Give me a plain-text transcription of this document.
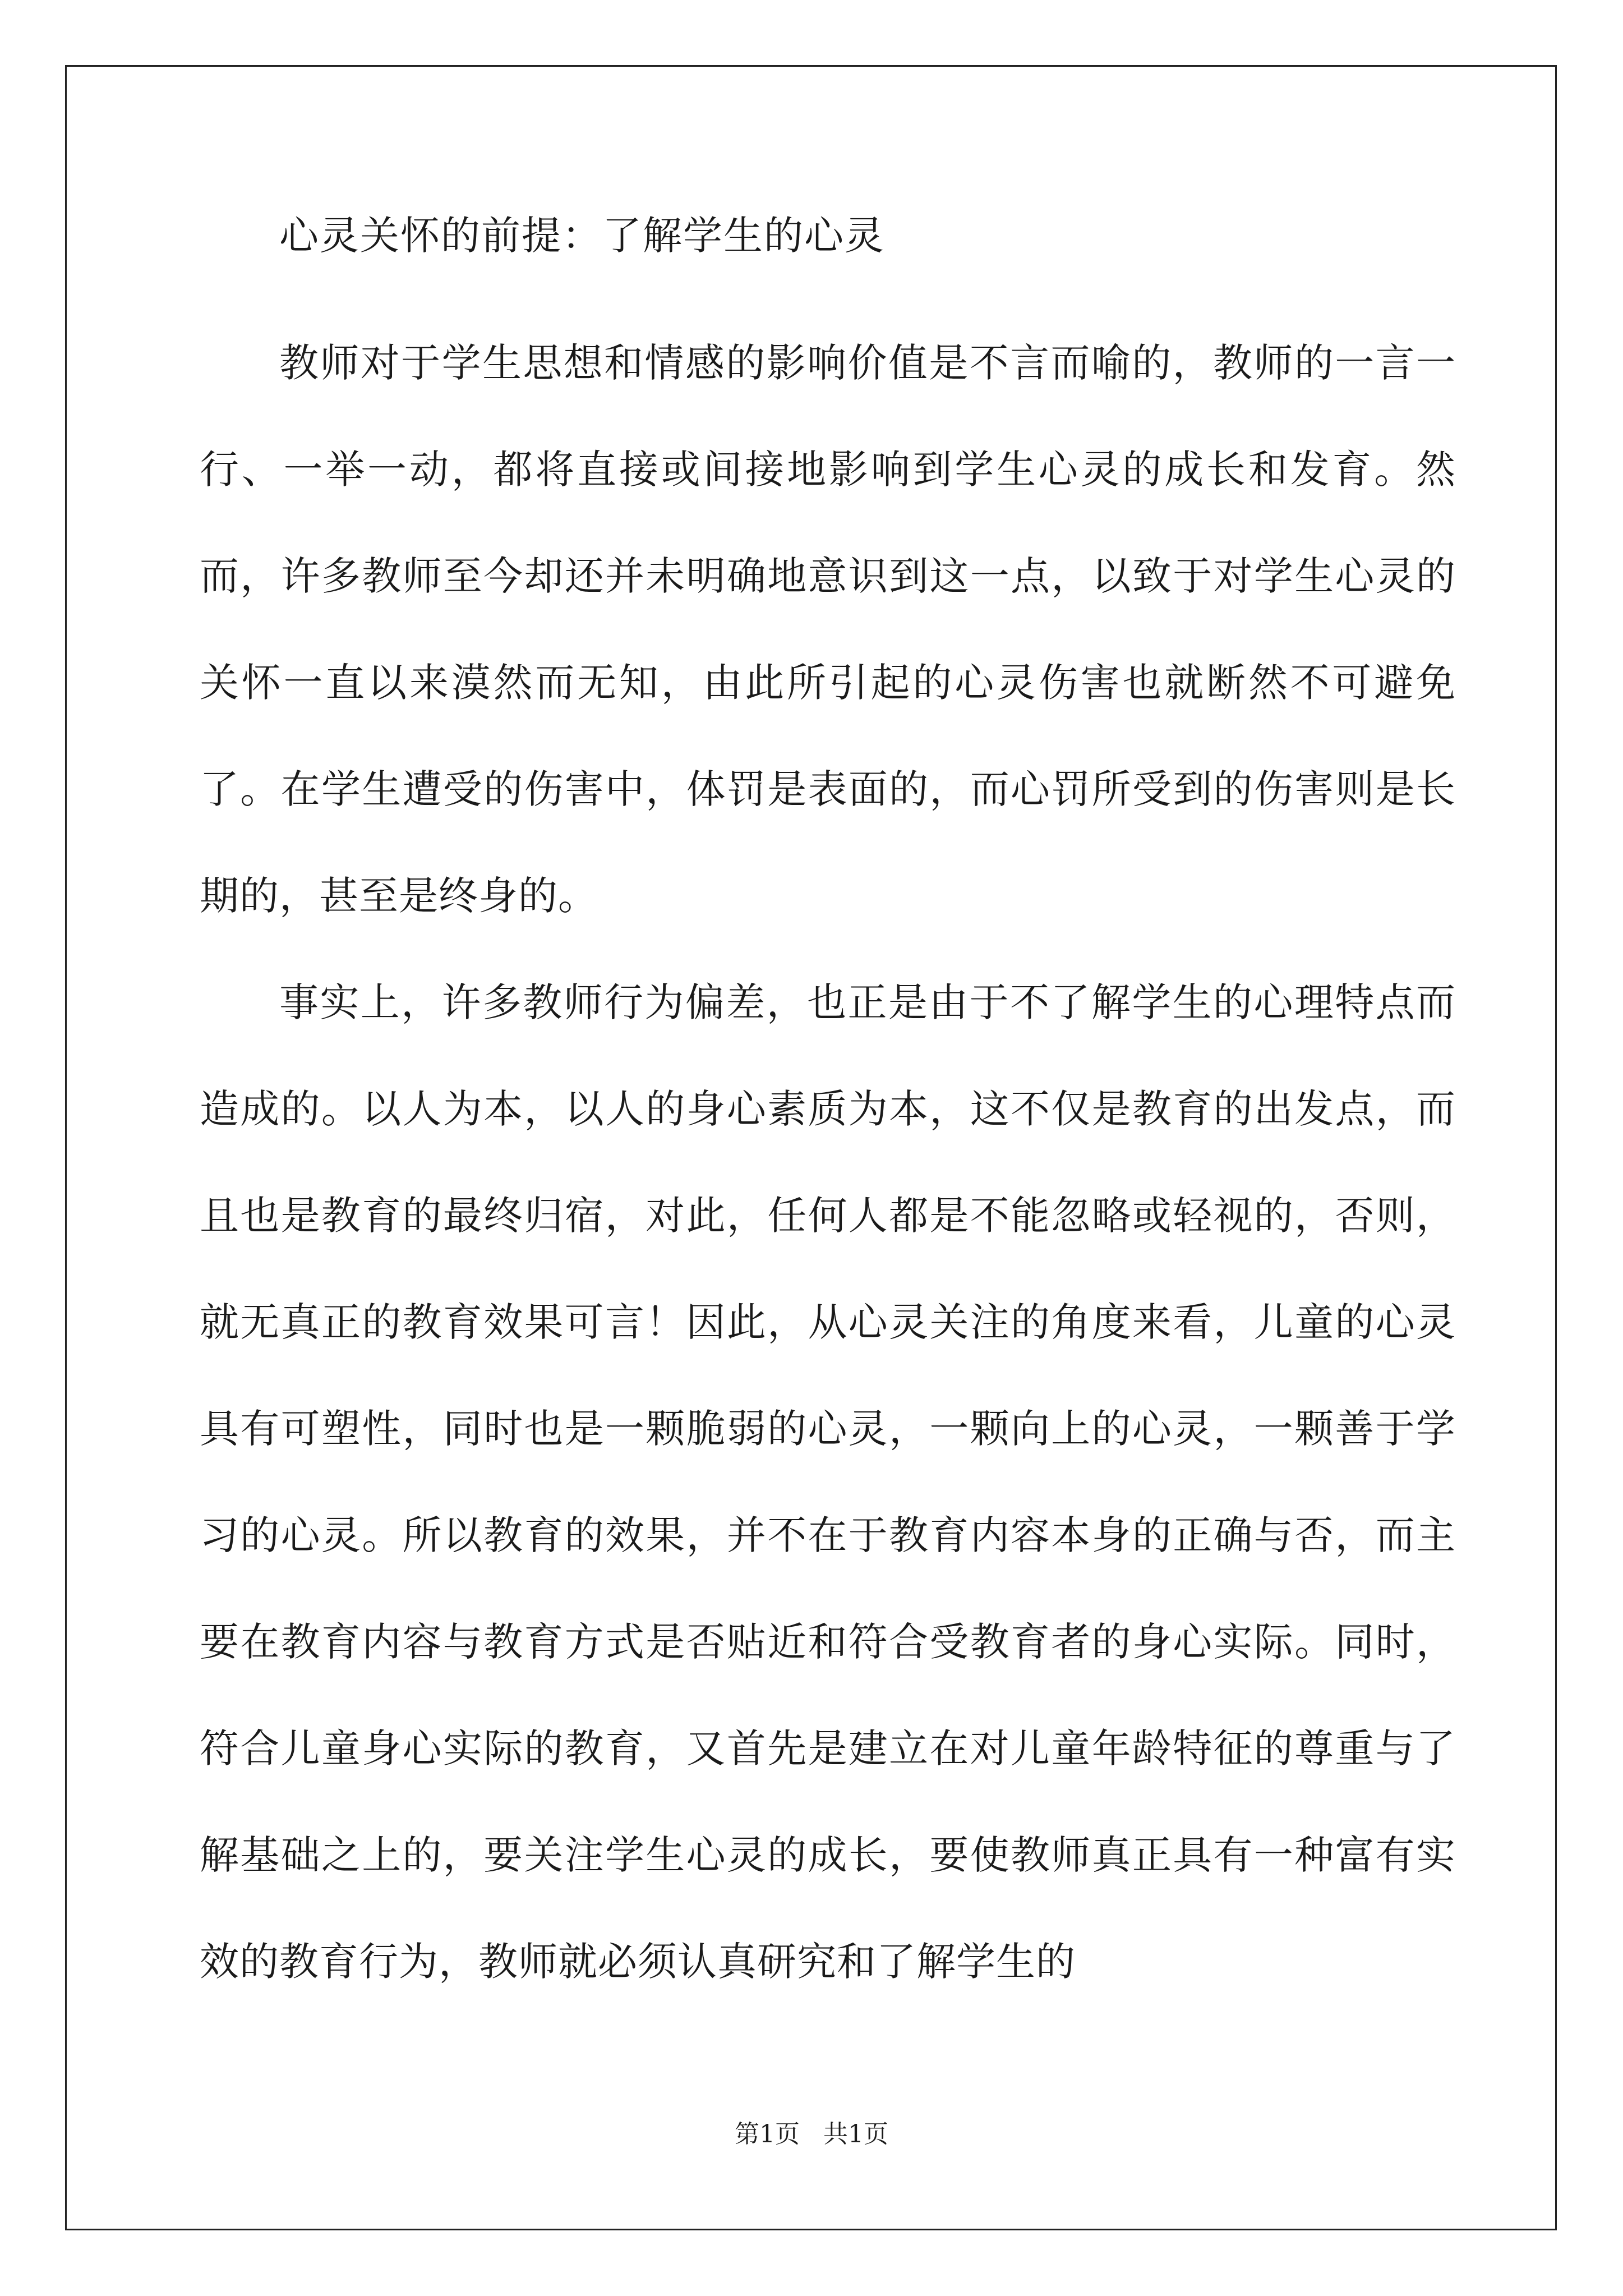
心灵关怀的前提：了解学生的心灵

教师对于学生思想和情感的影响价值是不言而喻的，教师的一言一行、一举一动，都将直接或间接地影响到学生心灵的成长和发育。然而，许多教师至今却还并未明确地意识到这一点，以致于对学生心灵的关怀一直以来漠然而无知，由此所引起的心灵伤害也就断然不可避免了。在学生遭受的伤害中，体罚是表面的，而心罚所受到的伤害则是长期的，甚至是终身的。

事实上，许多教师行为偏差，也正是由于不了解学生的心理特点而造成的。以人为本，以人的身心素质为本，这不仅是教育的出发点，而且也是教育的最终归宿，对此，任何人都是不能忽略或轻视的，否则，就无真正的教育效果可言！因此，从心灵关注的角度来看，儿童的心灵具有可塑性，同时也是一颗脆弱的心灵，一颗向上的心灵，一颗善于学习的心灵。所以教育的效果，并不在于教育内容本身的正确与否，而主要在教育内容与教育方式是否贴近和符合受教育者的身心实际。同时，符合儿童身心实际的教育，又首先是建立在对儿童年龄特征的尊重与了解基础之上的，要关注学生心灵的成长，要使教师真正具有一种富有实效的教育行为，教师就必须认真研究和了解学生的

第1页 共1页
